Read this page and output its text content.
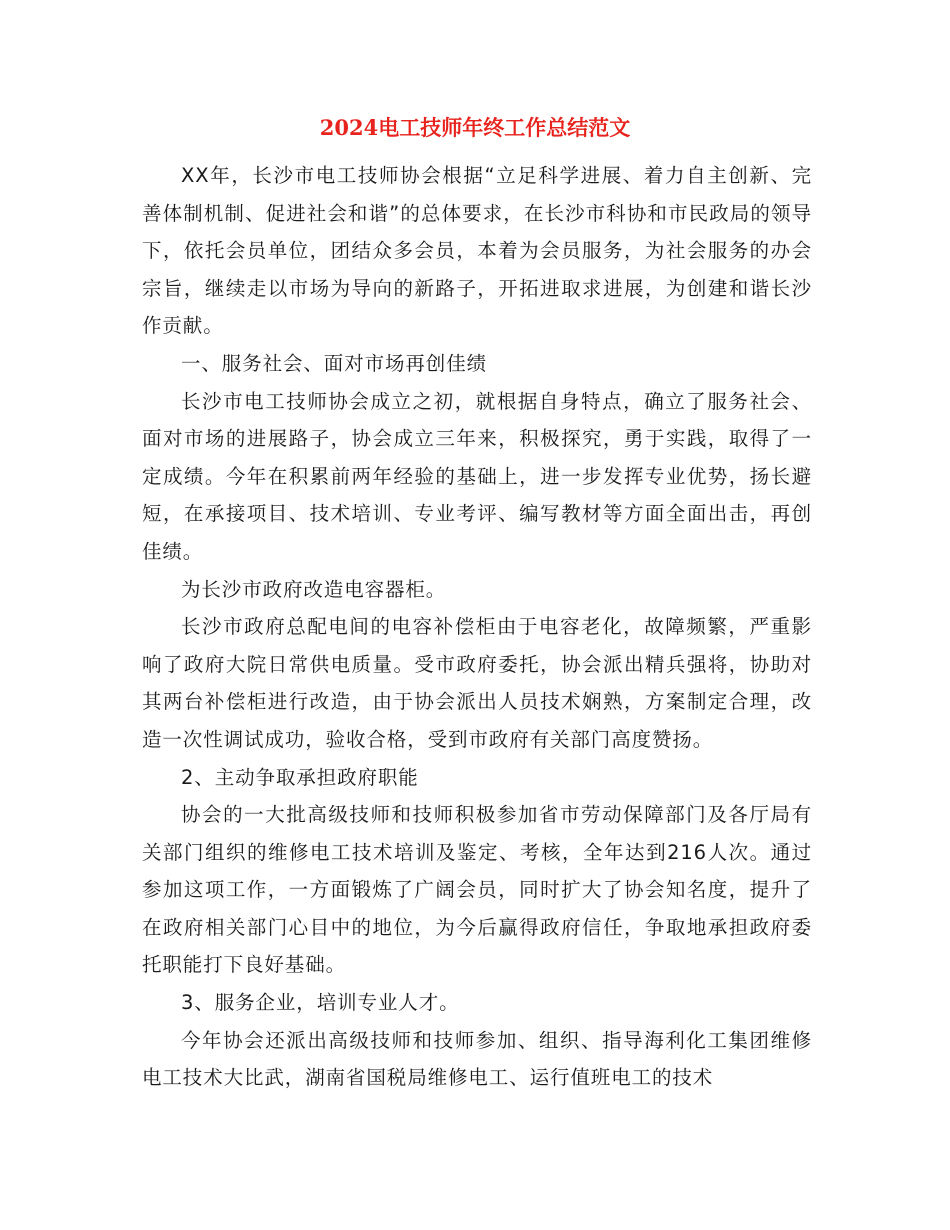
2024电工技师年终工作总结范文

XX年，长沙市电工技师协会根据“立足科学进展、着力自主创新、完善体制机制、促进社会和谐”的总体要求，在长沙市科协和市民政局的领导下，依托会员单位，团结众多会员，本着为会员服务，为社会服务的办会宗旨，继续走以市场为导向的新路子，开拓进取求进展，为创建和谐长沙作贡献。

一、服务社会、面对市场再创佳绩

长沙市电工技师协会成立之初，就根据自身特点，确立了服务社会、面对市场的进展路子，协会成立三年来，积极探究，勇于实践，取得了一定成绩。今年在积累前两年经验的基础上，进一步发挥专业优势，扬长避短，在承接项目、技术培训、专业考评、编写教材等方面全面出击，再创佳绩。

为长沙市政府改造电容器柜。

长沙市政府总配电间的电容补偿柜由于电容老化，故障频繁，严重影响了政府大院日常供电质量。受市政府委托，协会派出精兵强将，协助对其两台补偿柜进行改造，由于协会派出人员技术娴熟，方案制定合理，改造一次性调试成功，验收合格，受到市政府有关部门高度赞扬。

2、主动争取承担政府职能

协会的一大批高级技师和技师积极参加省市劳动保障部门及各厅局有关部门组织的维修电工技术培训及鉴定、考核，全年达到216人次。通过参加这项工作，一方面锻炼了广阔会员，同时扩大了协会知名度，提升了在政府相关部门心目中的地位，为今后赢得政府信任，争取地承担政府委托职能打下良好基础。

3、服务企业，培训专业人才。

今年协会还派出高级技师和技师参加、组织、指导海利化工集团维修电工技术大比武，湖南省国税局维修电工、运行值班电工的技术
